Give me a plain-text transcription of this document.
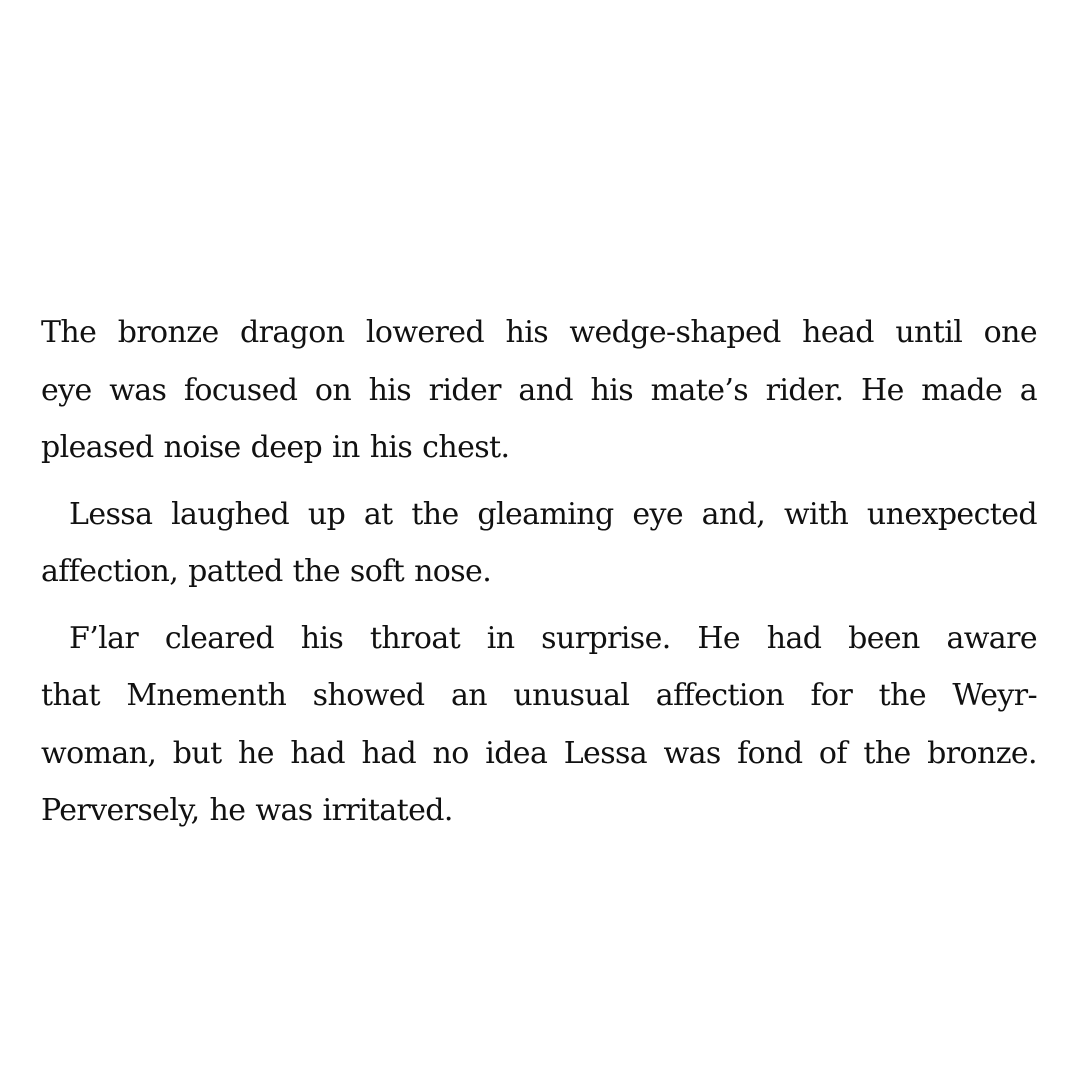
The bronze dragon lowered his wedge-shaped head until one
eye was focused on his rider and his mate’s rider. He made a
pleased noise deep in his chest.
Lessa laughed up at the gleaming eye and, with unexpected
affection, patted the soft nose.
F’lar cleared his throat in surprise. He had been aware
that Mnementh showed an unusual affection for the Weyr-
woman, but he had had no idea Lessa was fond of the bronze.
Perversely, he was irritated.
